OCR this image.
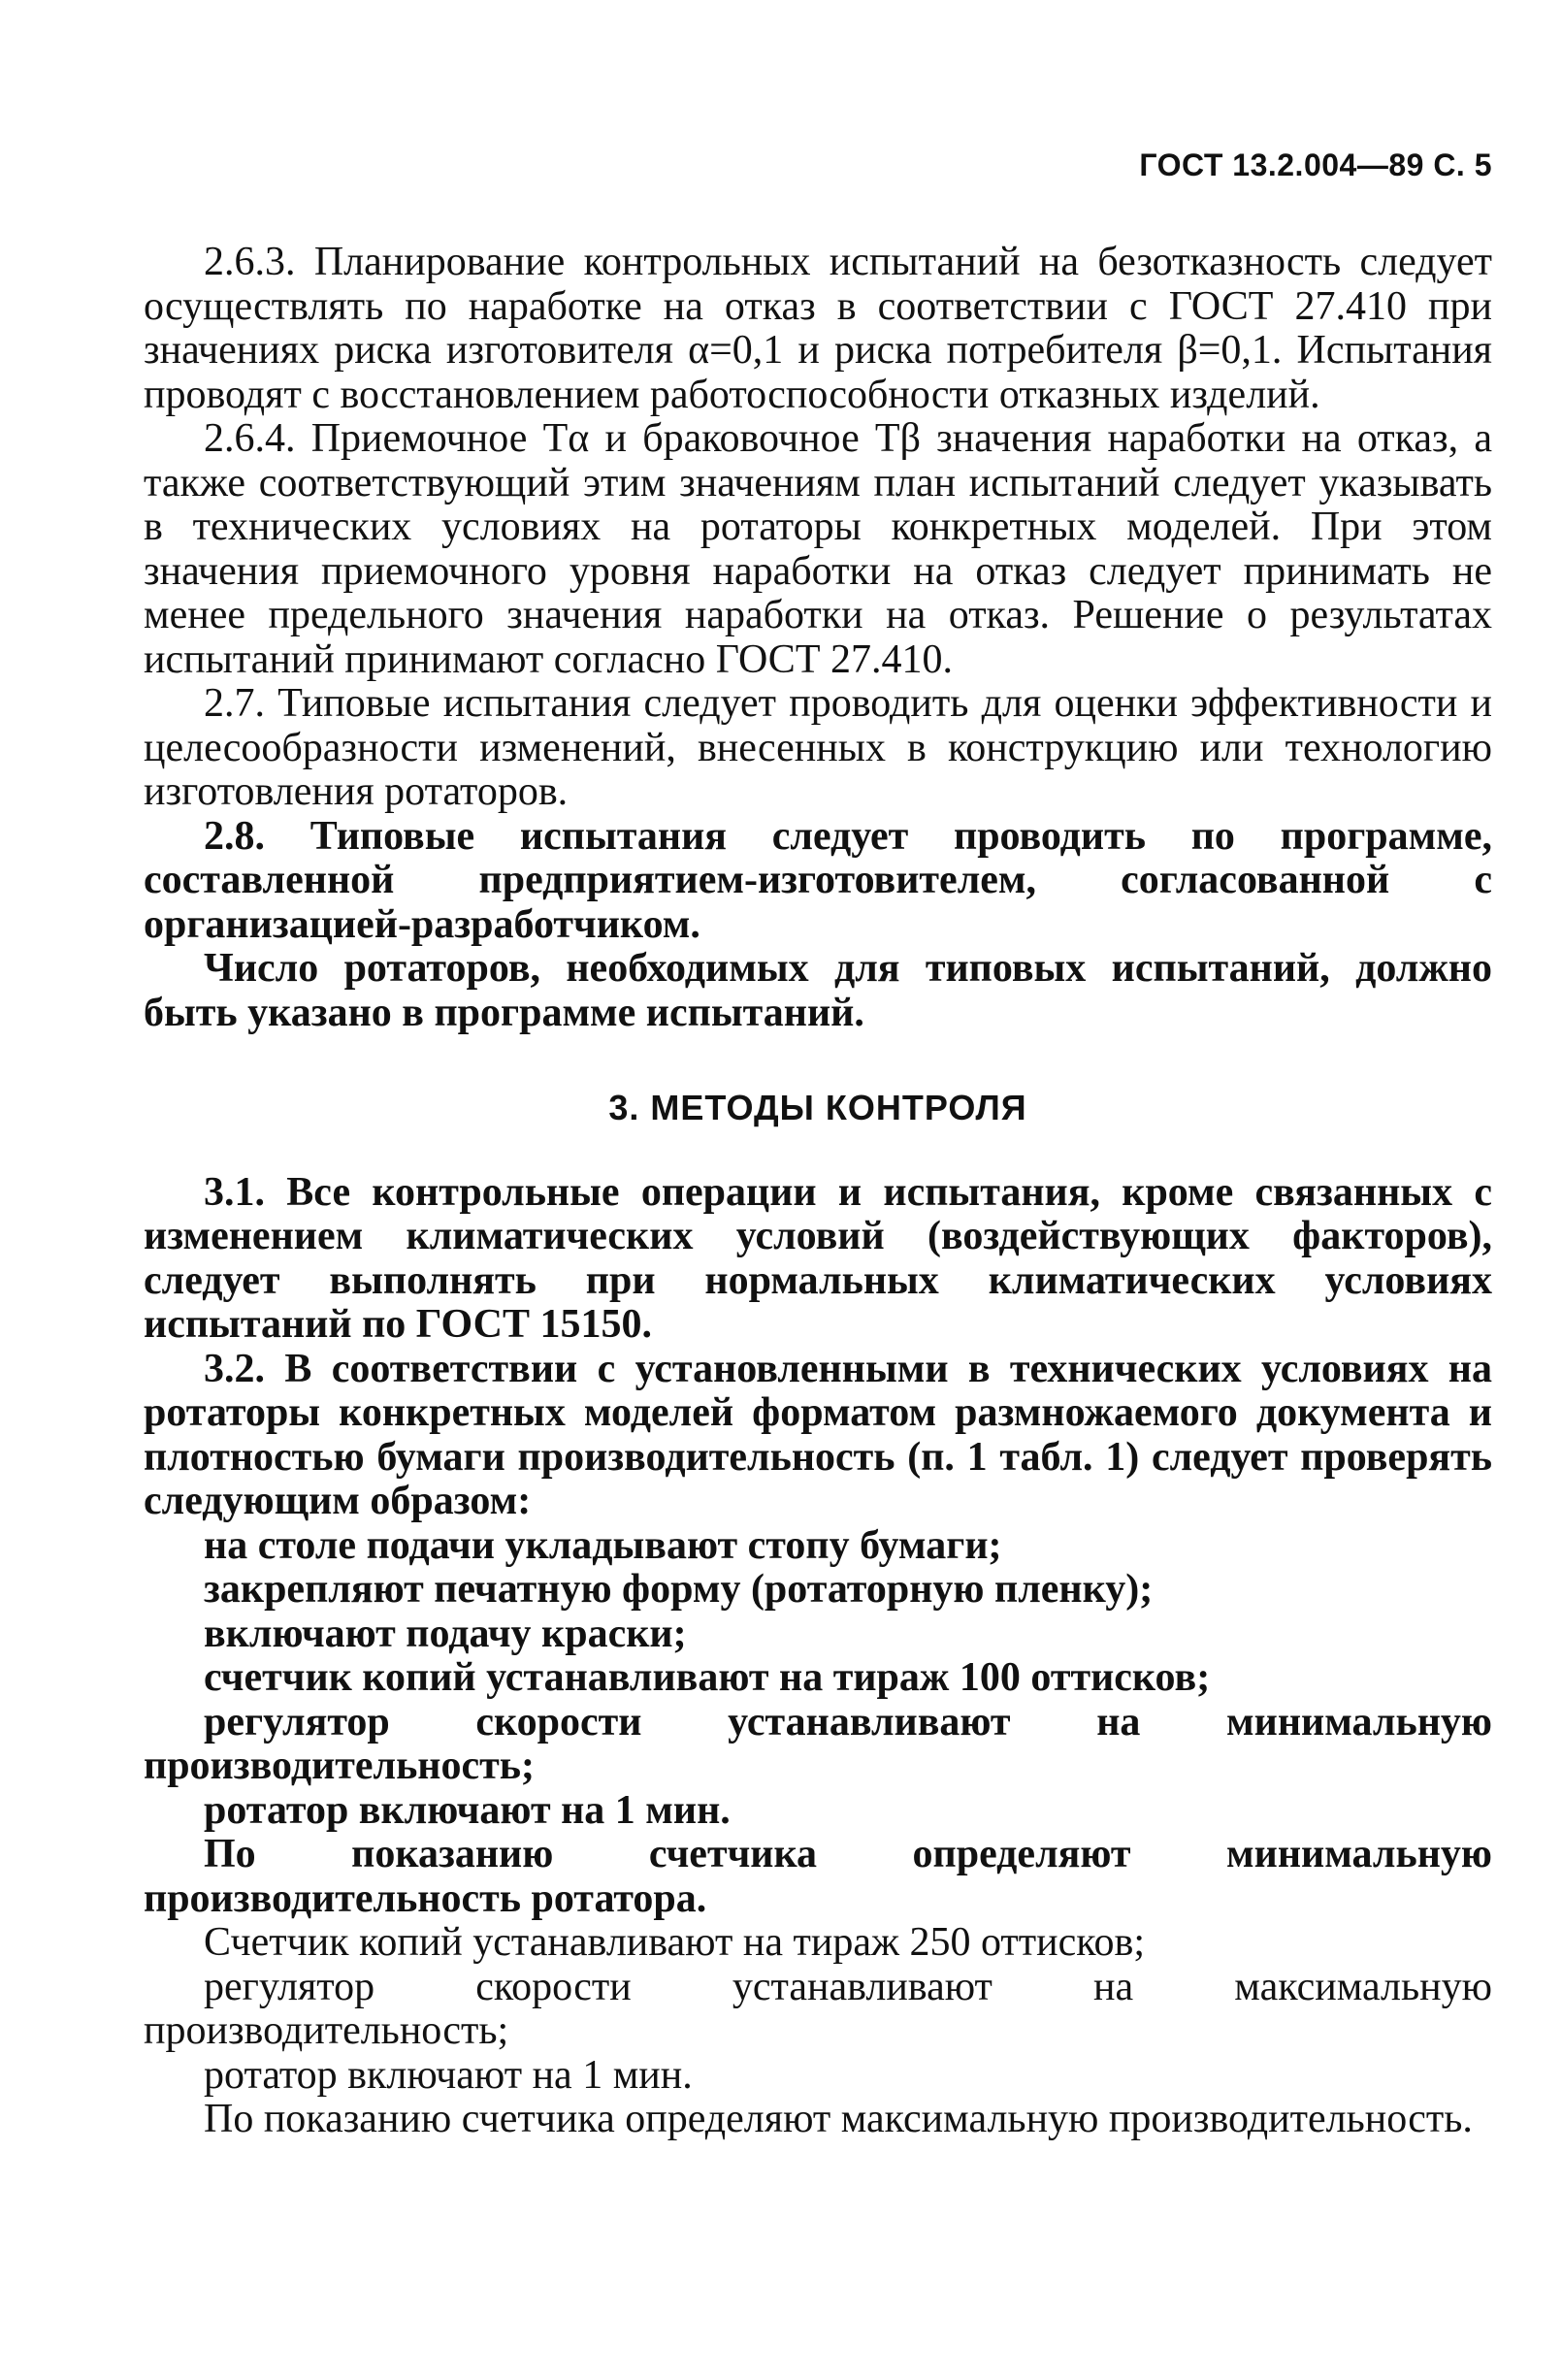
ГОСТ 13.2.004—89 С. 5

2.6.3. Планирование контрольных испытаний на безотказность следует осуществлять по наработке на отказ в соответствии с ГОСТ 27.410 при значениях риска изготовителя α=0,1 и риска потребителя β=0,1. Испытания проводят с восстановлением работоспособности отказных изделий.

2.6.4. Приемочное Tα и браковочное Tβ значения наработки на отказ, а также соответствующий этим значениям план испытаний следует указывать в технических условиях на ротаторы конкретных моделей. При этом значения приемочного уровня наработки на отказ следует принимать не менее предельного значения наработки на отказ. Решение о результатах испытаний принимают согласно ГОСТ 27.410.

2.7. Типовые испытания следует проводить для оценки эффективности и целесообразности изменений, внесенных в конструкцию или технологию изготовления ротаторов.

2.8. Типовые испытания следует проводить по программе, составленной предприятием-изготовителем, согласованной с организацией-разработчиком.

Число ротаторов, необходимых для типовых испытаний, должно быть указано в программе испытаний.

3. МЕТОДЫ КОНТРОЛЯ

3.1. Все контрольные операции и испытания, кроме связанных с изменением климатических условий (воздействующих факторов), следует выполнять при нормальных климатических условиях испытаний по ГОСТ 15150.

3.2. В соответствии с установленными в технических условиях на ротаторы конкретных моделей форматом размножаемого документа и плотностью бумаги производительность (п. 1 табл. 1) следует проверять следующим образом:

на столе подачи укладывают стопу бумаги;

закрепляют печатную форму (ротаторную пленку);

включают подачу краски;

счетчик копий устанавливают на тираж 100 оттисков;

регулятор скорости устанавливают на минимальную производительность;

ротатор включают на 1 мин.

По показанию счетчика определяют минимальную производительность ротатора.

Счетчик копий устанавливают на тираж 250 оттисков;

регулятор скорости устанавливают на максимальную производительность;

ротатор включают на 1 мин.

По показанию счетчика определяют максимальную производительность.
